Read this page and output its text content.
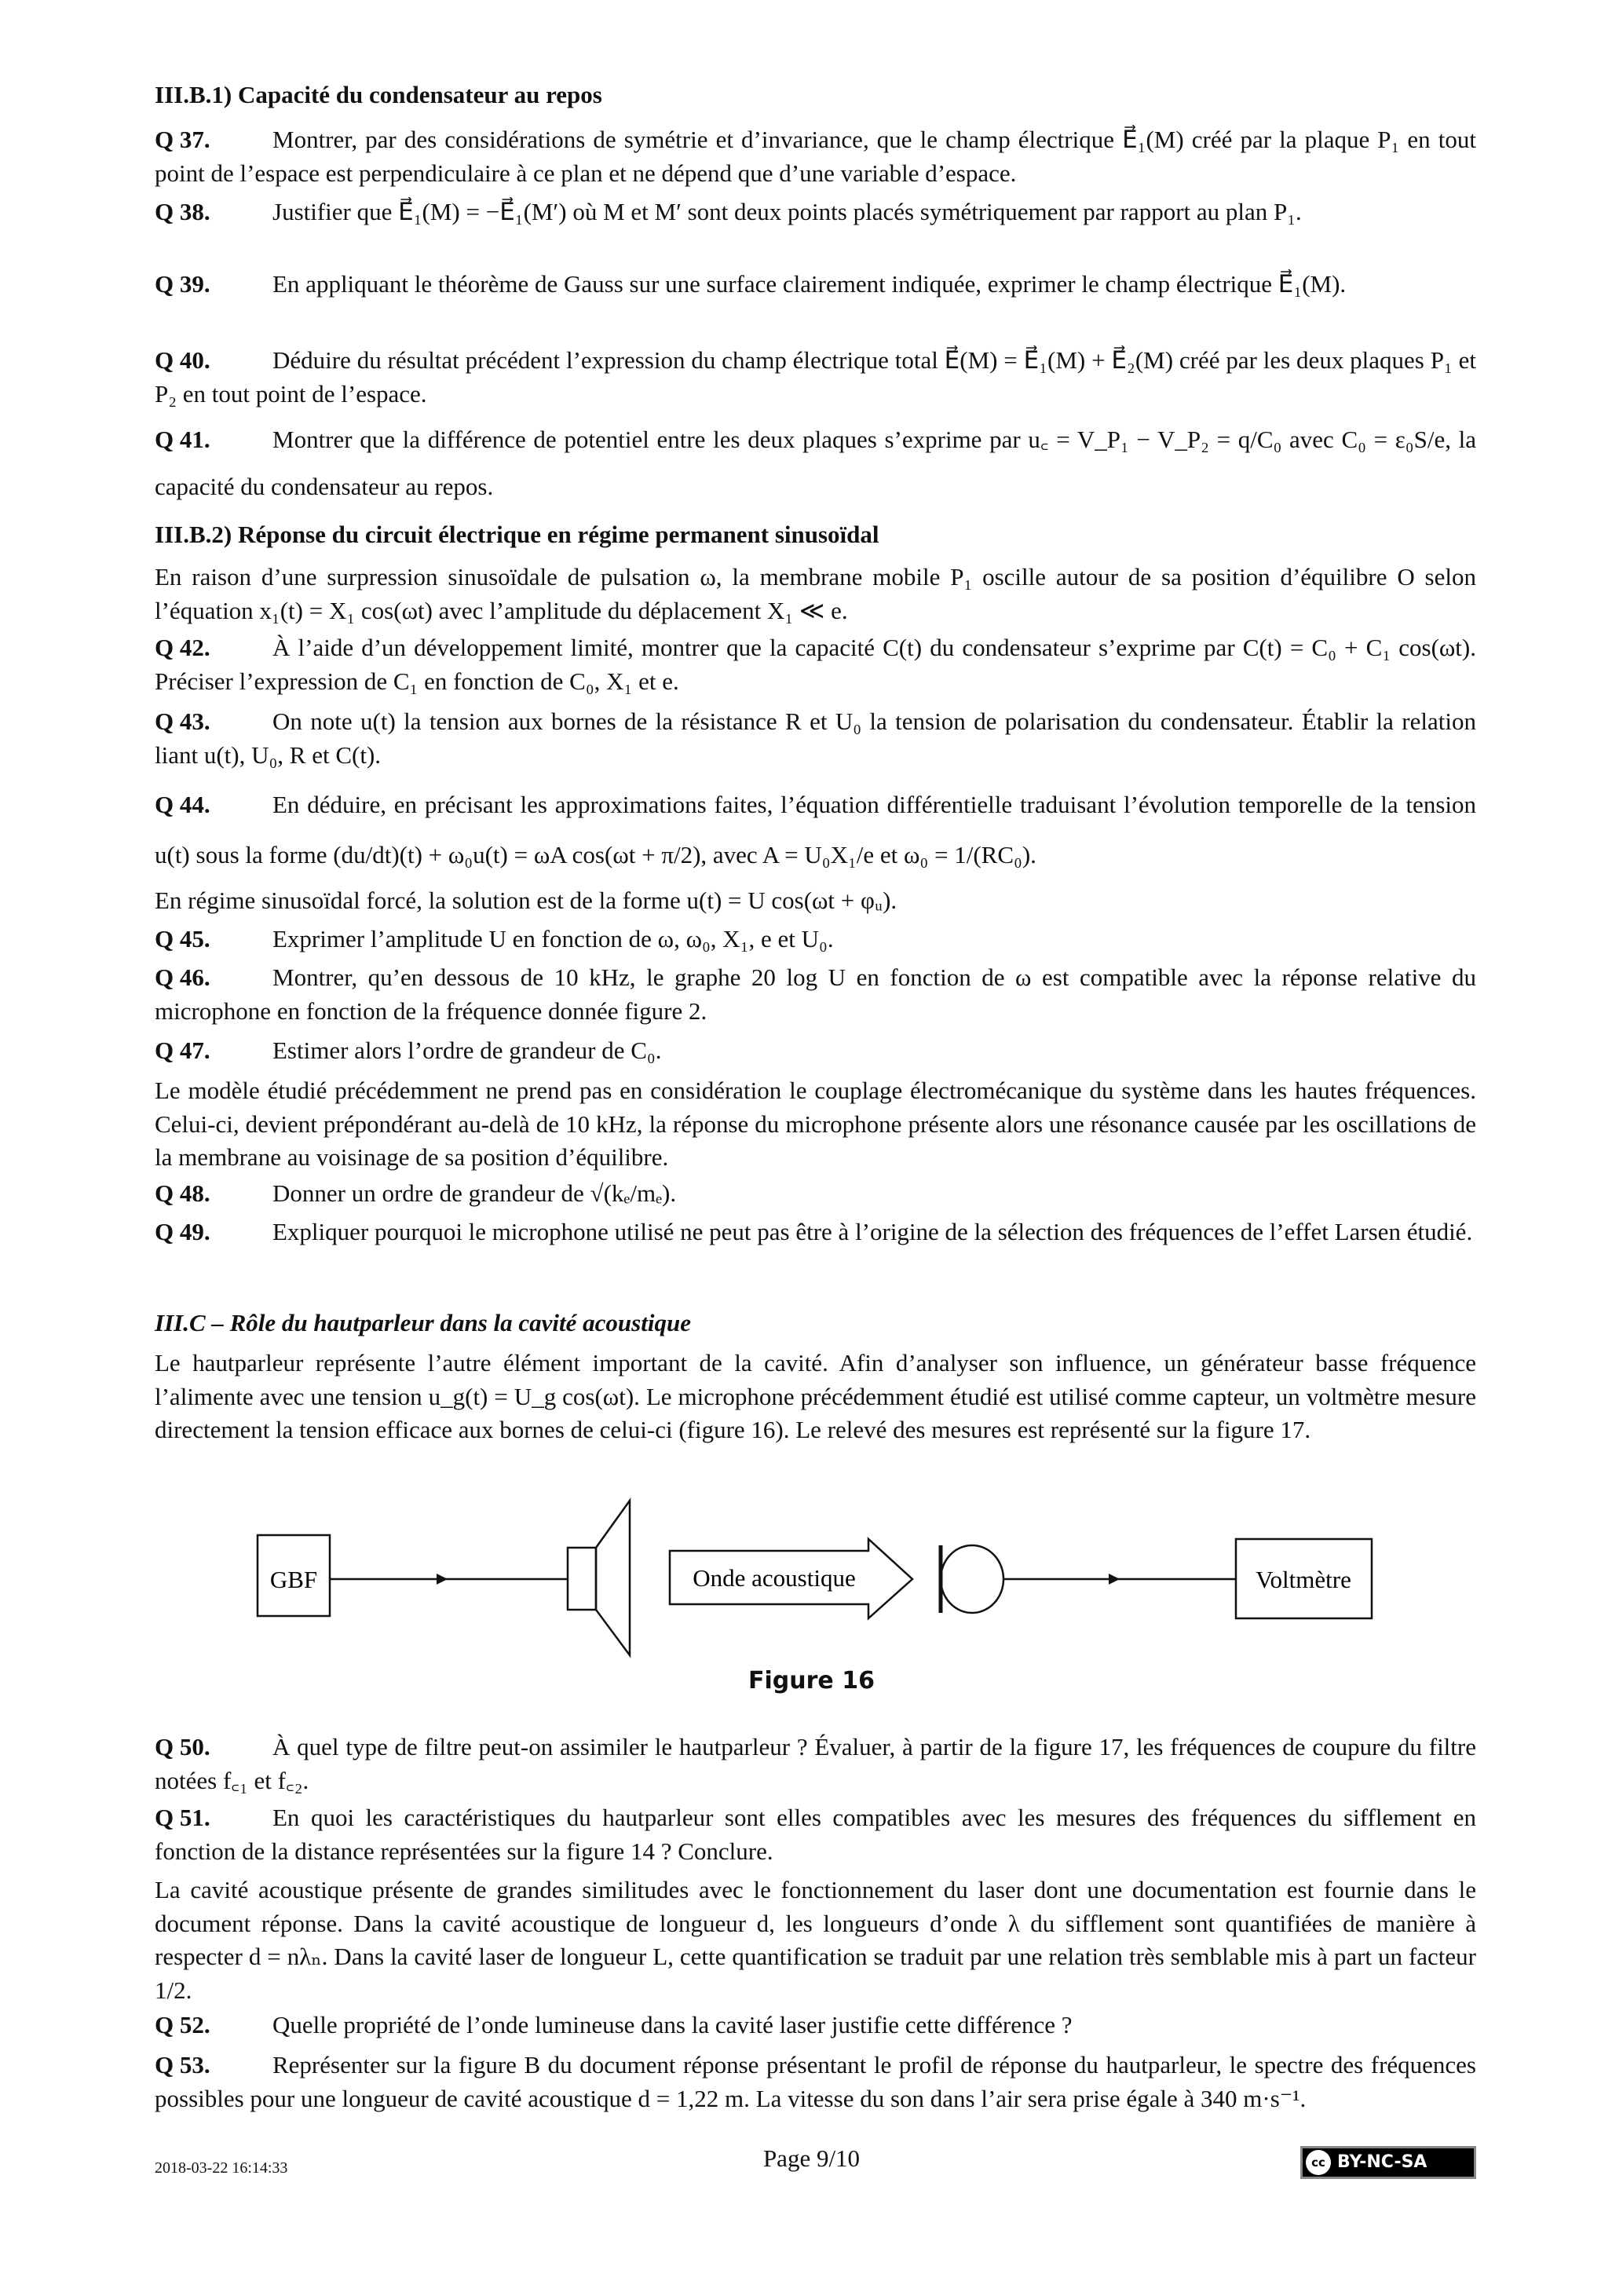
III.B.1) Capacité du condensateur au repos
Q 37.	Montrer, par des considérations de symétrie et d’invariance, que le champ électrique E⃗₁(M) créé par la plaque P₁ en tout point de l’espace est perpendiculaire à ce plan et ne dépend que d’une variable d’espace.
Q 38.	Justifier que E⃗₁(M) = −E⃗₁(M′) où M et M′ sont deux points placés symétriquement par rapport au plan P₁.
Q 39.	En appliquant le théorème de Gauss sur une surface clairement indiquée, exprimer le champ électrique E⃗₁(M).
Q 40.	Déduire du résultat précédent l’expression du champ électrique total E⃗(M) = E⃗₁(M) + E⃗₂(M) créé par les deux plaques P₁ et P₂ en tout point de l’espace.
Q 41.	Montrer que la différence de potentiel entre les deux plaques s’exprime par u꜀ = V_P₁ − V_P₂ = q/C₀ avec C₀ = ε₀S/e, la capacité du condensateur au repos.
III.B.2) Réponse du circuit électrique en régime permanent sinusoïdal
En raison d’une surpression sinusoïdale de pulsation ω, la membrane mobile P₁ oscille autour de sa position d’équilibre O selon l’équation x₁(t) = X₁ cos(ωt) avec l’amplitude du déplacement X₁ ≪ e.
Q 42.	À l’aide d’un développement limité, montrer que la capacité C(t) du condensateur s’exprime par C(t) = C₀ + C₁ cos(ωt). Préciser l’expression de C₁ en fonction de C₀, X₁ et e.
Q 43.	On note u(t) la tension aux bornes de la résistance R et U₀ la tension de polarisation du condensateur. Établir la relation liant u(t), U₀, R et C(t).
Q 44.	En déduire, en précisant les approximations faites, l’équation différentielle traduisant l’évolution temporelle de la tension u(t) sous la forme (du/dt)(t) + ω₀u(t) = ωA cos(ωt + π/2), avec A = U₀X₁/e et ω₀ = 1/(RC₀).
En régime sinusoïdal forcé, la solution est de la forme u(t) = U cos(ωt + φᵤ).
Q 45.	Exprimer l’amplitude U en fonction de ω, ω₀, X₁, e et U₀.
Q 46.	Montrer, qu’en dessous de 10 kHz, le graphe 20 log U en fonction de ω est compatible avec la réponse relative du microphone en fonction de la fréquence donnée figure 2.
Q 47.	Estimer alors l’ordre de grandeur de C₀.
Le modèle étudié précédemment ne prend pas en considération le couplage électromécanique du système dans les hautes fréquences. Celui-ci, devient prépondérant au-delà de 10 kHz, la réponse du microphone présente alors une résonance causée par les oscillations de la membrane au voisinage de sa position d’équilibre.
Q 48.	Donner un ordre de grandeur de √(kₑ/mₑ).
Q 49.	Expliquer pourquoi le microphone utilisé ne peut pas être à l’origine de la sélection des fréquences de l’effet Larsen étudié.
III.C – Rôle du hautparleur dans la cavité acoustique
Le hautparleur représente l’autre élément important de la cavité. Afin d’analyser son influence, un générateur basse fréquence l’alimente avec une tension u_g(t) = U_g cos(ωt). Le microphone précédemment étudié est utilisé comme capteur, un voltmètre mesure directement la tension efficace aux bornes de celui-ci (figure 16). Le relevé des mesures est représenté sur la figure 17.
GBF	Onde acoustique	Voltmètre
Figure 16
Q 50.	À quel type de filtre peut-on assimiler le hautparleur ? Évaluer, à partir de la figure 17, les fréquences de coupure du filtre notées f꜀₁ et f꜀₂.
Q 51.	En quoi les caractéristiques du hautparleur sont elles compatibles avec les mesures des fréquences du sifflement en fonction de la distance représentées sur la figure 14 ? Conclure.
La cavité acoustique présente de grandes similitudes avec le fonctionnement du laser dont une documentation est fournie dans le document réponse. Dans la cavité acoustique de longueur d, les longueurs d’onde λ du sifflement sont quantifiées de manière à respecter d = nλₙ. Dans la cavité laser de longueur L, cette quantification se traduit par une relation très semblable mis à part un facteur 1/2.
Q 52.	Quelle propriété de l’onde lumineuse dans la cavité laser justifie cette différence ?
Q 53.	Représenter sur la figure B du document réponse présentant le profil de réponse du hautparleur, le spectre des fréquences possibles pour une longueur de cavité acoustique d = 1,22 m. La vitesse du son dans l’air sera prise égale à 340 m·s⁻¹.
2018-03-22 16:14:33	Page 9/10	cc BY-NC-SA
